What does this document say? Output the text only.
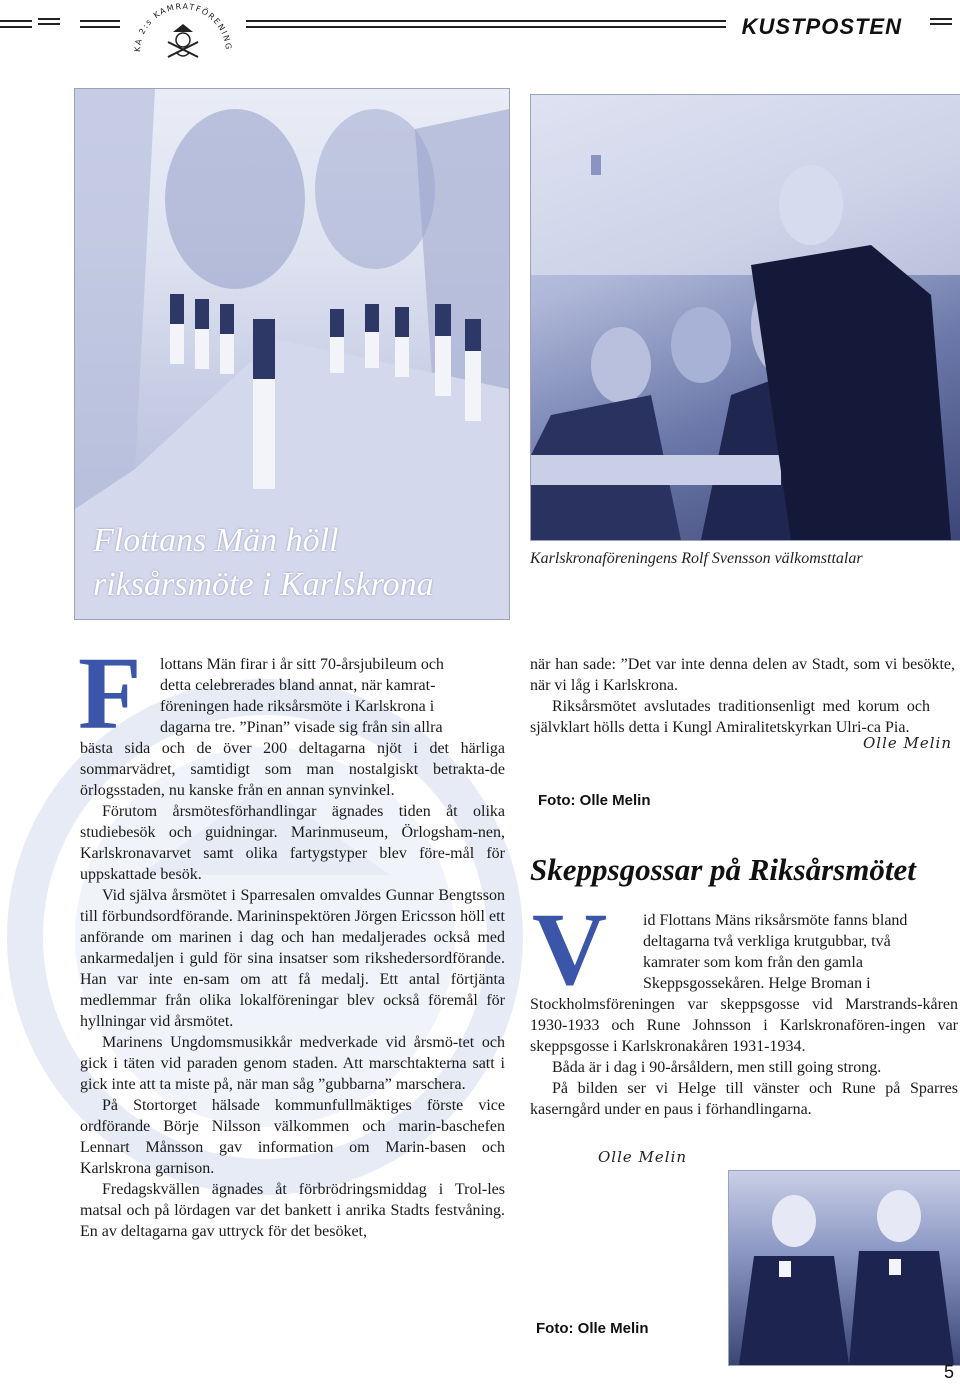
KA 2:s KAMRATFÖRENING
KUSTPOSTEN
Flottans Män höll
riksårsmöte i Karlskrona
Karlskronaföreningens Rolf Svensson välkomsttalar
F lottans Män firar i år sitt 70-årsjubileum och
detta celebrerades bland annat, när kamrat-
föreningen hade riksårsmöte i Karlskrona i
dagarna tre. ”Pinan” visade sig från sin allra

bästa sida och de över 200 deltagarna njöt i det härliga sommarvädret, samtidigt som man nostalgiskt betrakta-de örlogsstaden, nu kanske från en annan synvinkel.

Förutom årsmötesförhandlingar ägnades tiden åt olika studiebesök och guidningar. Marinmuseum, Örlogsham-nen, Karlskronavarvet samt olika fartygstyper blev före-mål för uppskattade besök.

Vid själva årsmötet i Sparresalen omvaldes Gunnar Bengtsson till förbundsordförande. Marininspektören Jörgen Ericsson höll ett anförande om marinen i dag och han medaljerades också med ankarmedaljen i guld för sina insatser som rikshedersordförande. Han var inte en-sam om att få medalj. Ett antal förtjänta medlemmar från olika lokalföreningar blev också föremål för hyllningar vid årsmötet.

Marinens Ungdomsmusikkår medverkade vid årsmö-tet och gick i täten vid paraden genom staden. Att marschtakterna satt i gick inte att ta miste på, när man såg ”gubbarna” marschera.

På Stortorget hälsade kommunfullmäktiges förste vice ordförande Börje Nilsson välkommen och marin-baschefen Lennart Månsson gav information om Marin-basen och Karlskrona garnison.

Fredagskvällen ägnades åt förbrödringsmiddag i Trol-les matsal och på lördagen var det bankett i anrika Stadts festvåning. En av deltagarna gav uttryck för det besöket,

när han sade: ”Det var inte denna delen av Stadt, som vi besökte, när vi låg i Karlskrona.

Riksårsmötet avslutades traditionsenligt med korum och självklart hölls detta i Kungl Amiralitetskyrkan Ulri-ca Pia.

Olle Melin
Foto: Olle Melin
Skeppsgossar på Riksårsmötet
V id Flottans Mäns riksårsmöte fanns bland
deltagarna två verkliga krutgubbar, två
kamrater som kom från den gamla
Skeppsgossekåren. Helge Broman i

Stockholmsföreningen var skeppsgosse vid Marstrands-kåren 1930-1933 och Rune Johnsson i Karlskronafören-ingen var skeppsgosse i Karlskronakåren 1931-1934.

Båda är i dag i 90-årsåldern, men still going strong.

På bilden ser vi Helge till vänster och Rune på Sparres kaserngård under en paus i förhandlingarna.

Olle Melin
Foto: Olle Melin
5
